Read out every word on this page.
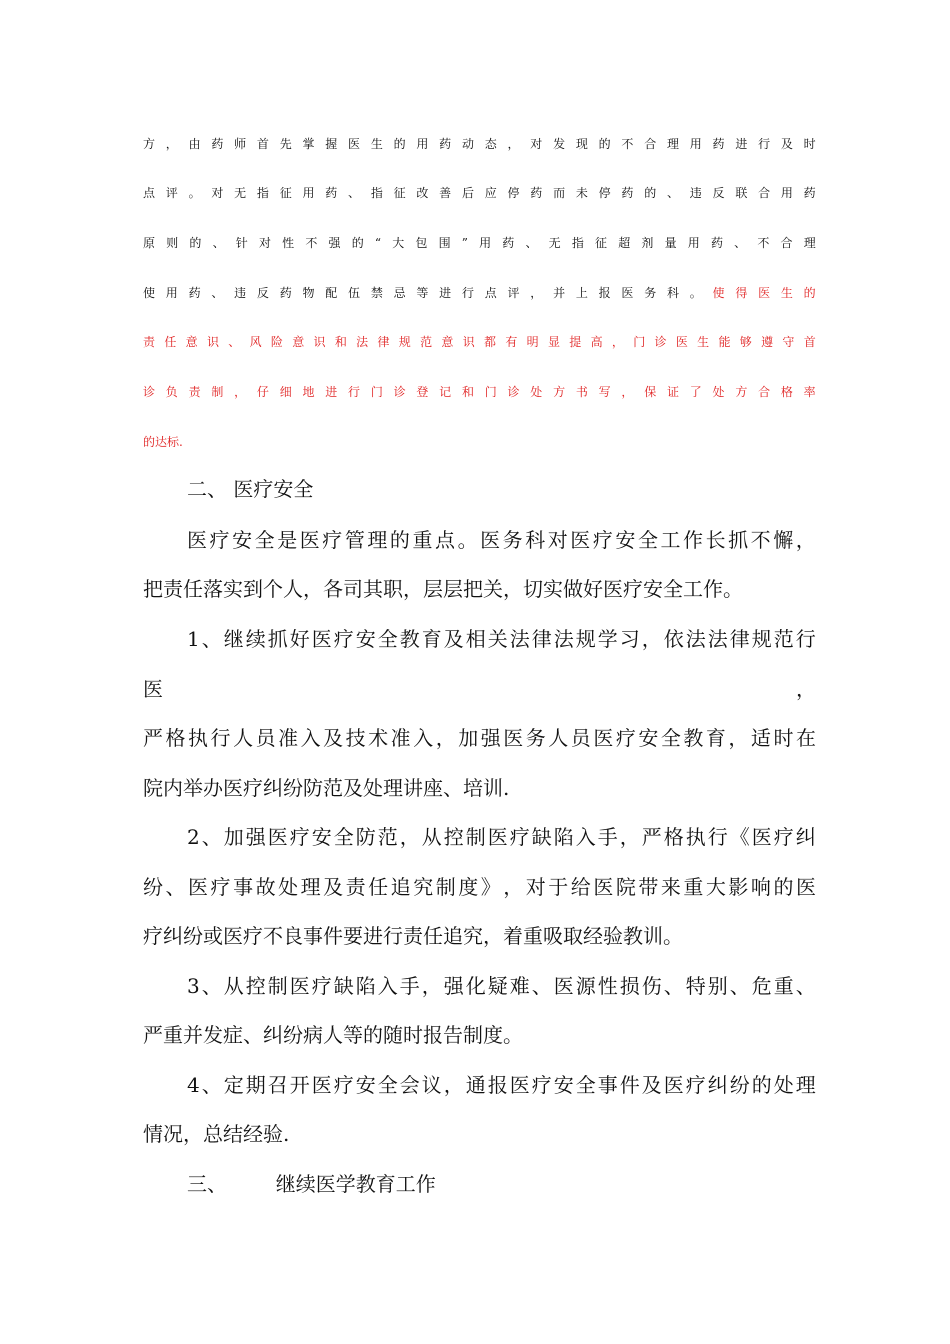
方 ， 由 药 师 首 先 掌 握 医 生 的 用 药 动 态 ， 对 发 现 的 不 合 理 用 药 进 行 及 时
点 评 。 对 无 指 征 用 药 、 指 征 改 善 后 应 停 药 而 未 停 药 的 、 违 反 联 合 用 药
原 则 的 、 针 对 性 不 强 的 “ 大 包 围 ” 用 药 、 无 指 征 超 剂 量 用 药 、 不 合 理
使 用 药 、 违 反 药 物 配 伍 禁 忌 等 进 行 点 评 ， 并 上 报 医 务 科 。 使 得 医 生 的
责 任 意 识 、 风 险 意 识 和 法 律 规 范 意 识 都 有 明 显 提 高 ， 门 诊 医 生 能 够 遵 守 首
诊 负 责 制 ， 仔 细 地 进 行 门 诊 登 记 和 门 诊 处 方 书 写 ， 保 证 了 处 方 合 格 率
的达标.
二、 医疗安全
医 疗 安 全 是 医 疗 管 理 的 重 点 。 医 务 科 对 医 疗 安 全 工 作 长 抓 不 懈 ，
把责任落实到个人，各司其职，层层把关，切实做好医疗安全工作。
1 、 继 续 抓 好 医 疗 安 全 教 育 及 相 关 法 律 法 规 学 习 ， 依 法 法 律 规 范 行
医	，
严 格 执 行 人 员 准 入 及 技 术 准 入 ， 加 强 医 务 人 员 医 疗 安 全 教 育 ， 适 时 在
院内举办医疗纠纷防范及处理讲座、培训.
2 、 加 强 医 疗 安 全 防 范 ， 从 控 制 医 疗 缺 陷 入 手 ， 严 格 执 行 《 医 疗 纠
纷 、 医 疗 事 故 处 理 及 责 任 追 究 制 度 》 ， 对 于 给 医 院 带 来 重 大 影 响 的 医
疗纠纷或医疗不良事件要进行责任追究，着重吸取经验教训。
3 、 从 控 制 医 疗 缺 陷 入 手 ， 强 化 疑 难 、 医 源 性 损 伤 、 特 别 、 危 重 、
严重并发症、纠纷病人等的随时报告制度。
4 、 定 期 召 开 医 疗 安 全 会 议 ， 通 报 医 疗 安 全 事 件 及 医 疗 纠 纷 的 处 理
情况，总结经验.
三、 继续医学教育工作
